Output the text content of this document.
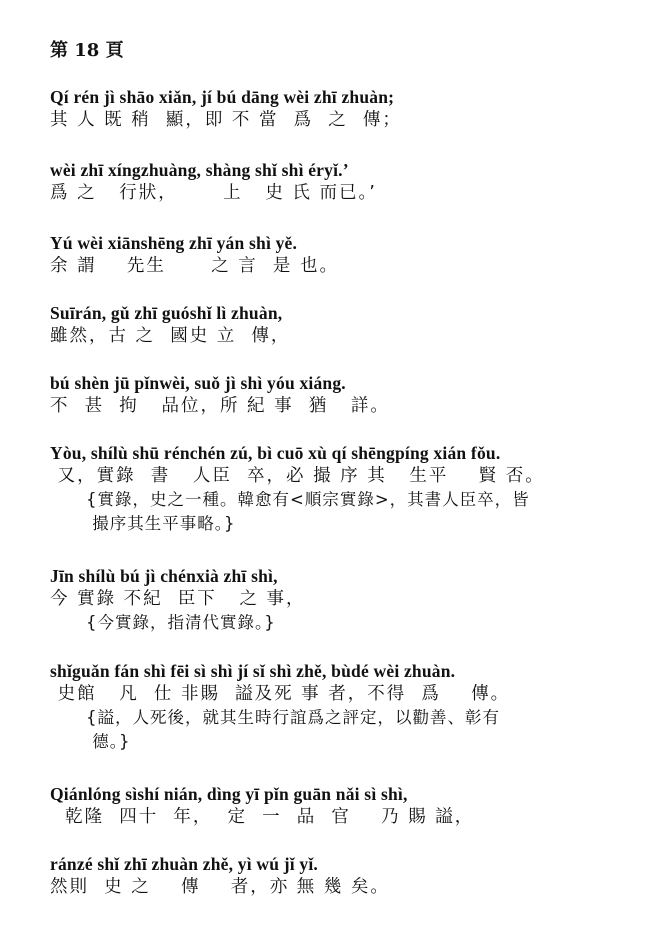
第 18 頁
Qí rén jì shāo xiǎn, jí bú dāng wèi zhī zhuàn;
其 人 既 稍  顯，即 不 當  爲  之  傳；
wèi zhī xíngzhuàng, shàng shǐ shì éryǐ.’
爲 之   行狀，      上   史 氏 而已。’
Yú wèi xiānshēng zhī yán shì yě.
余 謂    先生      之 言  是 也。
Suīrán, gǔ zhī guóshǐ lì zhuàn,
雖然，古 之  國史 立  傳，
bú shèn jū pǐnwèi, suǒ jì shì yóu xiáng.
不  甚  拘   品位，所 紀 事  猶   詳。
Yòu, shílù shū rénchén zú, bì cuō xù qí shēngpíng xián fǒu.
又，實錄  書   人臣  卒，必 撮 序 其   生平    賢 否。
{實錄，史之一種。韓愈有<順宗實錄>，其書人臣卒，皆
撮序其生平事略。}
Jīn shílù bú jì chénxià zhī shì,
今 實錄 不紀  臣下   之 事，
{今實錄，指清代實錄。}
shǐguǎn fán shì fēi sì shì jí sǐ shì zhě, bùdé wèi zhuàn.
史館   凡  仕 非賜  謚及死 事 者，不得  爲    傳。
{謚，人死後，就其生時行誼爲之評定，以勸善、彰有
德。}
Qiánlóng sìshí nián, dìng yī pǐn guān nǎi sì shì,
乾隆  四十  年，  定  一  品  官    乃 賜 謚，
ránzé shǐ zhī zhuàn zhě, yì wú jǐ yǐ.
然則  史 之    傳    者，亦 無 幾 矣。
